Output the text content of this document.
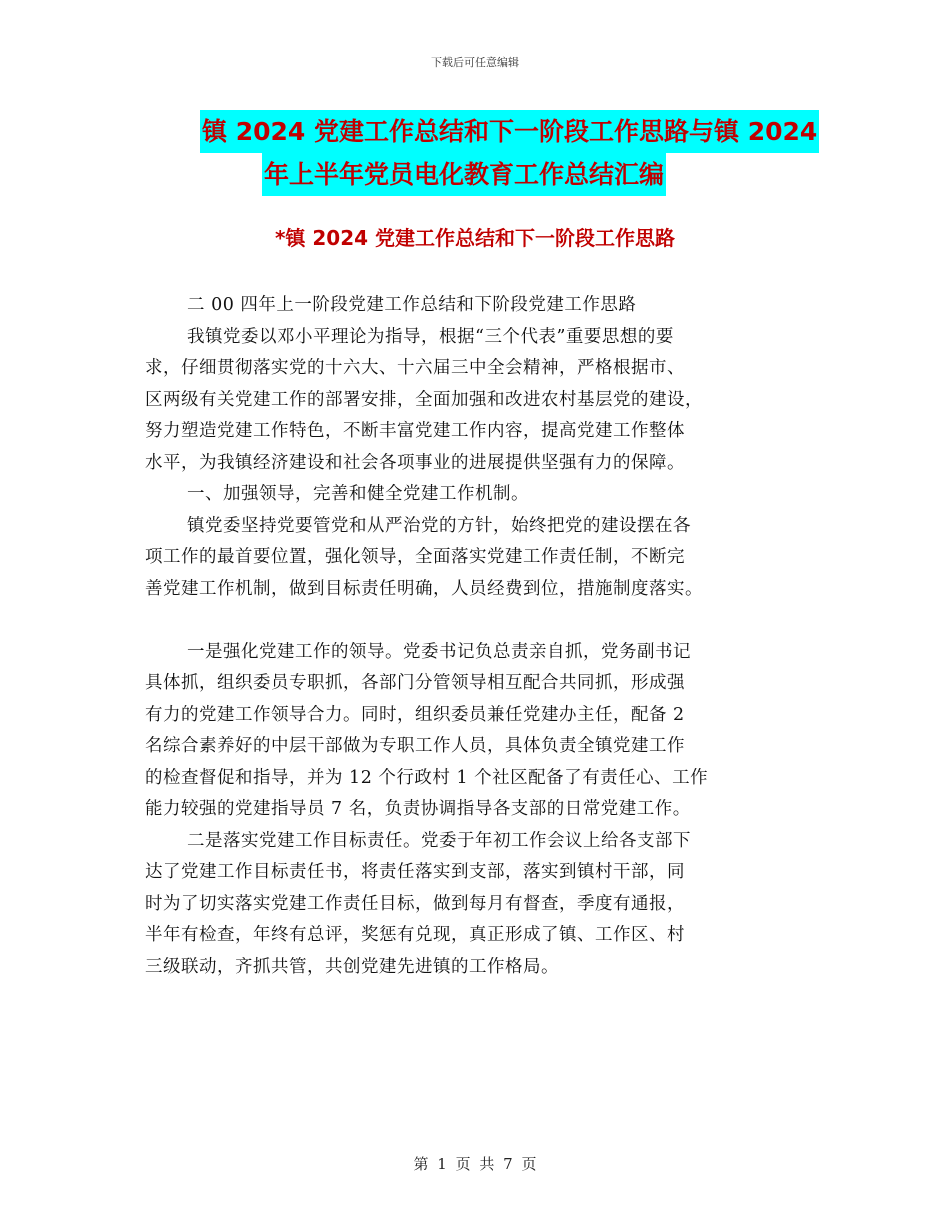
下载后可任意编辑
镇 2024 党建工作总结和下一阶段工作思路与镇 2024
年上半年党员电化教育工作总结汇编
*镇 2024 党建工作总结和下一阶段工作思路
二 00 四年上一阶段党建工作总结和下阶段党建工作思路
我镇党委以邓小平理论为指导，根据“三个代表”重要思想的要
求，仔细贯彻落实党的十六大、十六届三中全会精神，严格根据市、
区两级有关党建工作的部署安排，全面加强和改进农村基层党的建设，
努力塑造党建工作特色，不断丰富党建工作内容，提高党建工作整体
水平，为我镇经济建设和社会各项事业的进展提供坚强有力的保障。
一、加强领导，完善和健全党建工作机制。
镇党委坚持党要管党和从严治党的方针，始终把党的建设摆在各
项工作的最首要位置，强化领导，全面落实党建工作责任制，不断完
善党建工作机制，做到目标责任明确，人员经费到位，措施制度落实。
一是强化党建工作的领导。党委书记负总责亲自抓，党务副书记
具体抓，组织委员专职抓，各部门分管领导相互配合共同抓，形成强
有力的党建工作领导合力。同时，组织委员兼任党建办主任，配备 2
名综合素养好的中层干部做为专职工作人员，具体负责全镇党建工作
的检查督促和指导，并为 12 个行政村 1 个社区配备了有责任心、工作
能力较强的党建指导员 7 名，负责协调指导各支部的日常党建工作。
二是落实党建工作目标责任。党委于年初工作会议上给各支部下
达了党建工作目标责任书，将责任落实到支部，落实到镇村干部，同
时为了切实落实党建工作责任目标，做到每月有督查，季度有通报，
半年有检查，年终有总评，奖惩有兑现，真正形成了镇、工作区、村
三级联动，齐抓共管，共创党建先进镇的工作格局。
第 1 页 共 7 页
